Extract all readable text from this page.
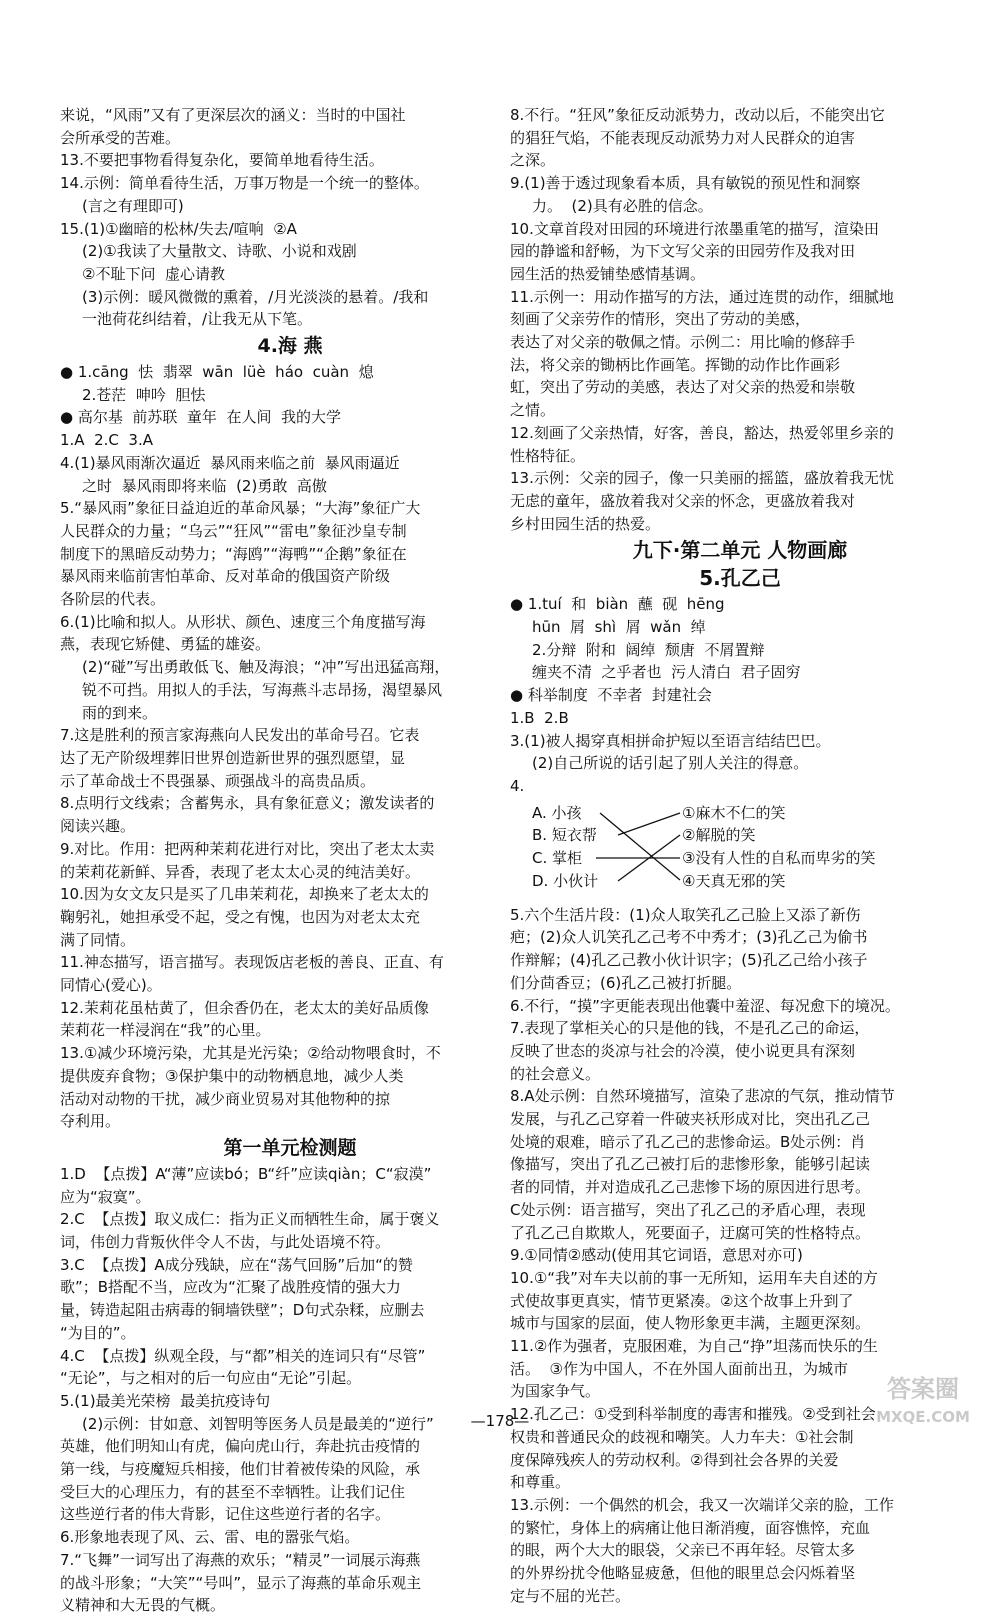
来说，“风雨”又有了更深层次的涵义：当时的中国社

会所承受的苦难。

13.不要把事物看得复杂化，要简单地看待生活。

14.示例：简单看待生活，万事万物是一个统一的整体。

(言之有理即可)

15.(1)①幽暗的松林/失去/喧响  ②A

(2)①我读了大量散文、诗歌、小说和戏剧

②不耻下问  虚心请教

(3)示例：暖风微微的熏着，/月光淡淡的悬着。/我和

一池荷花纠结着，/让我无从下笔。

4.海 燕

● 1.cāng  怯  翡翠  wān  lüè  háo  cuàn  熄

2.苍茫  呻吟  胆怯

● 高尔基  前苏联  童年  在人间  我的大学

1.A  2.C  3.A

4.(1)暴风雨渐次逼近  暴风雨来临之前  暴风雨逼近

之时  暴风雨即将来临  (2)勇敢  高傲

5.“暴风雨”象征日益迫近的革命风暴；“大海”象征广大

人民群众的力量；“乌云”“狂风”“雷电”象征沙皇专制

制度下的黑暗反动势力；“海鸥”“海鸭”“企鹅”象征在

暴风雨来临前害怕革命、反对革命的俄国资产阶级

各阶层的代表。

6.(1)比喻和拟人。从形状、颜色、速度三个角度描写海

燕，表现它矫健、勇猛的雄姿。

(2)“碰”写出勇敢低飞、触及海浪；“冲”写出迅猛高翔，

锐不可挡。用拟人的手法，写海燕斗志昂扬，渴望暴风

雨的到来。

7.这是胜利的预言家海燕向人民发出的革命号召。它表

达了无产阶级埋葬旧世界创造新世界的强烈愿望，显

示了革命战士不畏强暴、顽强战斗的高贵品质。

8.点明行文线索；含蓄隽永，具有象征意义；激发读者的

阅读兴趣。

9.对比。作用：把两种茉莉花进行对比，突出了老太太卖

的茉莉花新鲜、异香，表现了老太太心灵的纯洁美好。

10.因为女文友只是买了几串茉莉花，却换来了老太太的

鞠躬礼，她担承受不起，受之有愧，也因为对老太太充

满了同情。

11.神态描写，语言描写。表现饭店老板的善良、正直、有

同情心(爱心)。

12.茉莉花虽枯黄了，但余香仍在，老太太的美好品质像

茉莉花一样浸润在“我”的心里。

13.①减少环境污染，尤其是光污染；②给动物喂食时，不

提供废弃食物；③保护集中的动物栖息地，减少人类

活动对动物的干扰，减少商业贸易对其他物种的掠

夺利用。

第一单元检测题

1.D  【点拨】A“薄”应读bó；B“纤”应读qiàn；C“寂漠”

应为“寂寞”。

2.C  【点拨】取义成仁：指为正义而牺牲生命，属于褒义

词，伟创力背叛伙伴令人不齿，与此处语境不符。

3.C  【点拨】A成分残缺，应在“荡气回肠”后加“的赞

歌”；B搭配不当，应改为“汇聚了战胜疫情的强大力

量，铸造起阻击病毒的铜墙铁壁”；D句式杂糅，应删去

“为目的”。

4.C  【点拨】纵观全段，与“都”相关的连词只有“尽管”

“无论”，与之相对的后一句应由“无论”引起。

5.(1)最美光荣榜  最美抗疫诗句

(2)示例：甘如意、刘智明等医务人员是最美的“逆行”

英雄，他们明知山有虎，偏向虎山行，奔赴抗击疫情的

第一线，与疫魔短兵相接，他们甘着被传染的风险，承

受巨大的心理压力，有的甚至不幸牺牲。让我们记住

这些逆行者的伟大背影，记住这些逆行者的名字。

6.形象地表现了风、云、雷、电的嚣张气焰。

7.“飞舞”一词写出了海燕的欢乐；“精灵”一词展示海燕

的战斗形象；“大笑”“号叫”，显示了海燕的革命乐观主

义精神和大无畏的气概。

8.不行。“狂风”象征反动派势力，改动以后，不能突出它

的猖狂气焰，不能表现反动派势力对人民群众的迫害

之深。

9.(1)善于透过现象看本质，具有敏锐的预见性和洞察

力。  (2)具有必胜的信念。

10.文章首段对田园的环境进行浓墨重笔的描写，渲染田

园的静谧和舒畅，为下文写父亲的田园劳作及我对田

园生活的热爱铺垫感情基调。

11.示例一：用动作描写的方法，通过连贯的动作，细腻地

刻画了父亲劳作的情形，突出了劳动的美感，

表达了对父亲的敬佩之情。示例二：用比喻的修辞手

法，将父亲的锄柄比作画笔。挥锄的动作比作画彩

虹，突出了劳动的美感，表达了对父亲的热爱和崇敬

之情。

12.刻画了父亲热情，好客，善良，豁达，热爱邻里乡亲的

性格特征。

13.示例：父亲的园子，像一只美丽的摇篮，盛放着我无忧

无虑的童年，盛放着我对父亲的怀念，更盛放着我对

乡村田园生活的热爱。

九下·第二单元 人物画廊
5.孔乙己

● 1.tuí  和  biàn  蘸  砚  hēng

hūn  屑  shì  屑  wǎn  绰

2.分辩  附和  阔绰  颓唐  不屑置辩

缠夹不清  之乎者也  污人清白  君子固穷

● 科举制度  不幸者  封建社会

1.B  2.B

3.(1)被人揭穿真相拼命护短以至语言结结巴巴。

(2)自己所说的话引起了别人关注的得意。

4.

A. 小孩
B. 短衣帮
C. 掌柜
D. 小伙计
①麻木不仁的笑
②解脱的笑
③没有人性的自私而卑劣的笑
④天真无邪的笑

5.六个生活片段：(1)众人取笑孔乙己脸上又添了新伤

疤；(2)众人讥笑孔乙己考不中秀才；(3)孔乙己为偷书

作辩解；(4)孔乙己教小伙计识字；(5)孔乙己给小孩子

们分茴香豆；(6)孔乙己被打折腿。

6.不行，“摸”字更能表现出他囊中羞涩、每况愈下的境况。

7.表现了掌柜关心的只是他的钱，不是孔乙己的命运，

反映了世态的炎凉与社会的冷漠，使小说更具有深刻

的社会意义。

8.A处示例：自然环境描写，渲染了悲凉的气氛，推动情节

发展，与孔乙己穿着一件破夹袄形成对比，突出孔乙己

处境的艰难，暗示了孔乙己的悲惨命运。B处示例：肖

像描写，突出了孔乙己被打后的悲惨形象，能够引起读

者的同情，并对造成孔乙己悲惨下场的原因进行思考。

C处示例：语言描写，突出了孔乙己的矛盾心理，表现

了孔乙己自欺欺人，死要面子，迂腐可笑的性格特点。

9.①同情②感动(使用其它词语，意思对亦可)

10.①“我”对车夫以前的事一无所知，运用车夫自述的方

式使故事更真实，情节更紧凑。②这个故事上升到了

城市与国家的层面，使人物形象更丰满，主题更深刻。

11.②作为强者，克服困难，为自己“挣”坦荡而快乐的生

活。  ③作为中国人，不在外国人面前出丑，为城市

为国家争气。

12.孔乙己：①受到科举制度的毒害和摧残。②受到社会

权贵和普通民众的歧视和嘲笑。人力车夫：①社会制

度保障残疾人的劳动权利。②得到社会各界的关爱

和尊重。

13.示例：一个偶然的机会，我又一次端详父亲的脸，工作

的繁忙，身体上的病痛让他日渐消瘦，面容憔悴，充血

的眼，两个大大的眼袋，父亲已不再年轻。尽管太多

的外界纷扰令他略显疲惫，但他的眼里总会闪烁着坚

定与不屈的光芒。

—178—
答案圈
MXQE.COM
